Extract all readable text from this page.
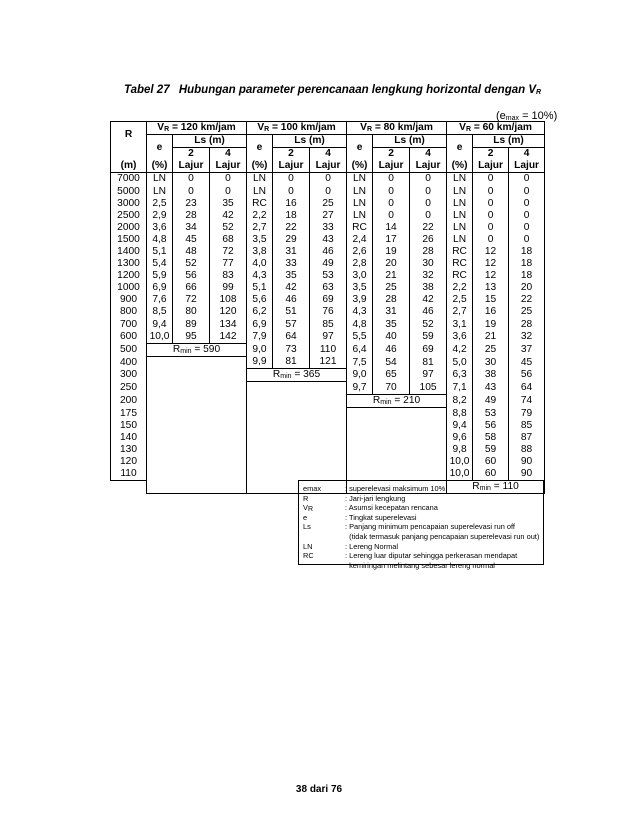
Tabel 27 Hubungan parameter perencanaan lengkung horizontal dengan $V_R$
$(e_{max} = 10\%)$
R	$V_R = 120$ km/jam			$V_R = 100$ km/jam			$V_R = 80$ km/jam			$V_R = 60$ km/jam		
	e	Ls (m)		e	Ls (m)		e	Ls (m)		e	Ls (m)	
		2	4		2	4		2	4		2	4
(m)	(%)	Lajur	Lajur	(%)	Lajur	Lajur	(%)	Lajur	Lajur	(%)	Lajur	Lajur
7000	LN	0	0	LN	0	0	LN	0	0	LN	0	0
5000	LN	0	0	LN	0	0	LN	0	0	LN	0	0
3000	2,5	23	35	RC	16	25	LN	0	0	LN	0	0
2500	2,9	28	42	2,2	18	27	LN	0	0	LN	0	0
2000	3,6	34	52	2,7	22	33	RC	14	22	LN	0	0
1500	4,8	45	68	3,5	29	43	2,4	17	26	LN	0	0
1400	5,1	48	72	3,8	31	46	2,6	19	28	RC	12	18
1300	5,4	52	77	4,0	33	49	2,8	20	30	RC	12	18
1200	5,9	56	83	4,3	35	53	3,0	21	32	RC	12	18
1000	6,9	66	99	5,1	42	63	3,5	25	38	2,2	13	20
900	7,6	72	108	5,6	46	69	3,9	28	42	2,5	15	22
800	8,5	80	120	6,2	51	76	4,3	31	46	2,7	16	25
700	9,4	89	134	6,9	57	85	4,8	35	52	3,1	19	28
600	10,0	95	142	7,9	64	97	5,5	40	59	3,6	21	32
500	$R_{min} = 590$			9,0	73	110	6,4	46	69	4,2	25	37
400				9,9	81	121	7,5	54	81	5,0	30	45
300				$R_{min} = 365$			9,0	65	97	6,3	38	56
250							9,7	70	105	7,1	43	64
200							$R_{min} = 210$			8,2	49	74
175										8,8	53	79
150										9,4	56	85
140										9,6	58	87
130										9,8	59	88
120										10,0	60	90
110										10,0	60	90
										$R_{min} = 110$		
emax	: superelevasi maksimum 10%
R	: Jari-jari lengkung
$V_R$	: Asumsi kecepatan rencana
e	: Tingkat superelevasi
Ls	: Panjang minimum pencapaian superelevasi run off
(tidak termasuk panjang pencapaian superelevasi run out)
LN	: Lereng Normal
RC	: Lereng luar diputar sehingga perkerasan mendapat
kemiringan melintang sebesar lereng normal
38 dari 76
